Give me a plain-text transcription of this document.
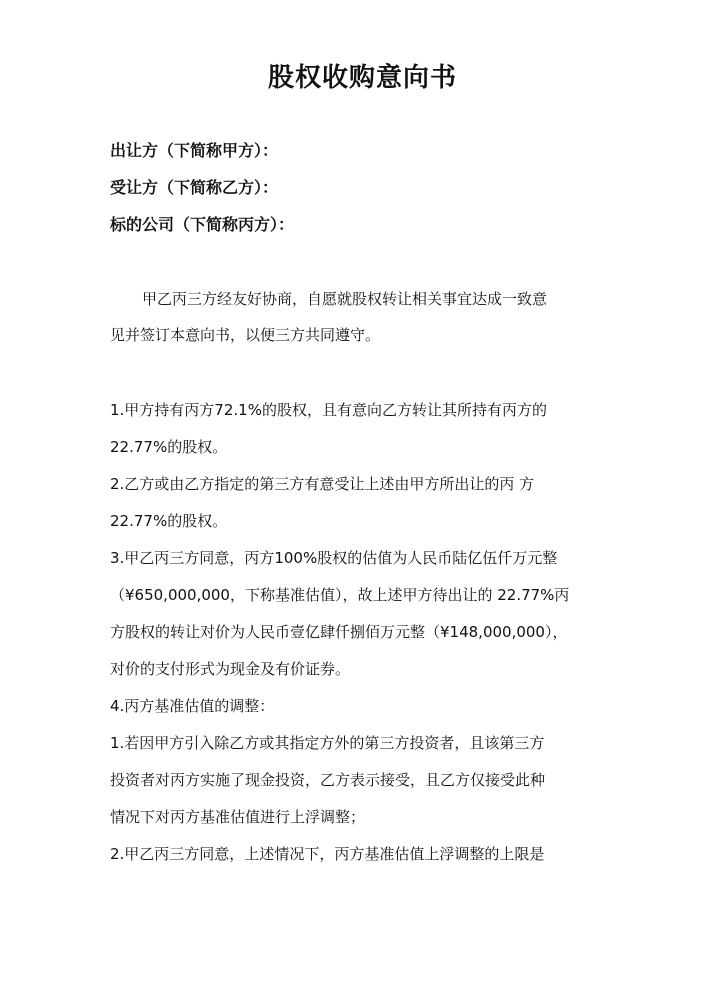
股权收购意向书
出让方（下简称甲方）：
受让方（下简称乙方）：
标的公司（下简称丙方）：
甲乙丙三方经友好协商，自愿就股权转让相关事宜达成一致意
见并签订本意向书，以便三方共同遵守。
1.甲方持有丙方72.1%的股权，且有意向乙方转让其所持有丙方的
22.77%的股权。
2.乙方或由乙方指定的第三方有意受让上述由甲方所出让的丙 方
22.77%的股权。
3.甲乙丙三方同意，丙方100%股权的估值为人民币陆亿伍仟万元整
（¥650,000,000，下称基准估值），故上述甲方待出让的 22.77%丙
方股权的转让对价为人民币壹亿肆仟捌佰万元整（¥148,000,000），
对价的支付形式为现金及有价证券。
4.丙方基准估值的调整：
1.若因甲方引入除乙方或其指定方外的第三方投资者，且该第三方
投资者对丙方实施了现金投资，乙方表示接受，且乙方仅接受此种
情况下对丙方基准估值进行上浮调整；
2.甲乙丙三方同意，上述情况下，丙方基准估值上浮调整的上限是
